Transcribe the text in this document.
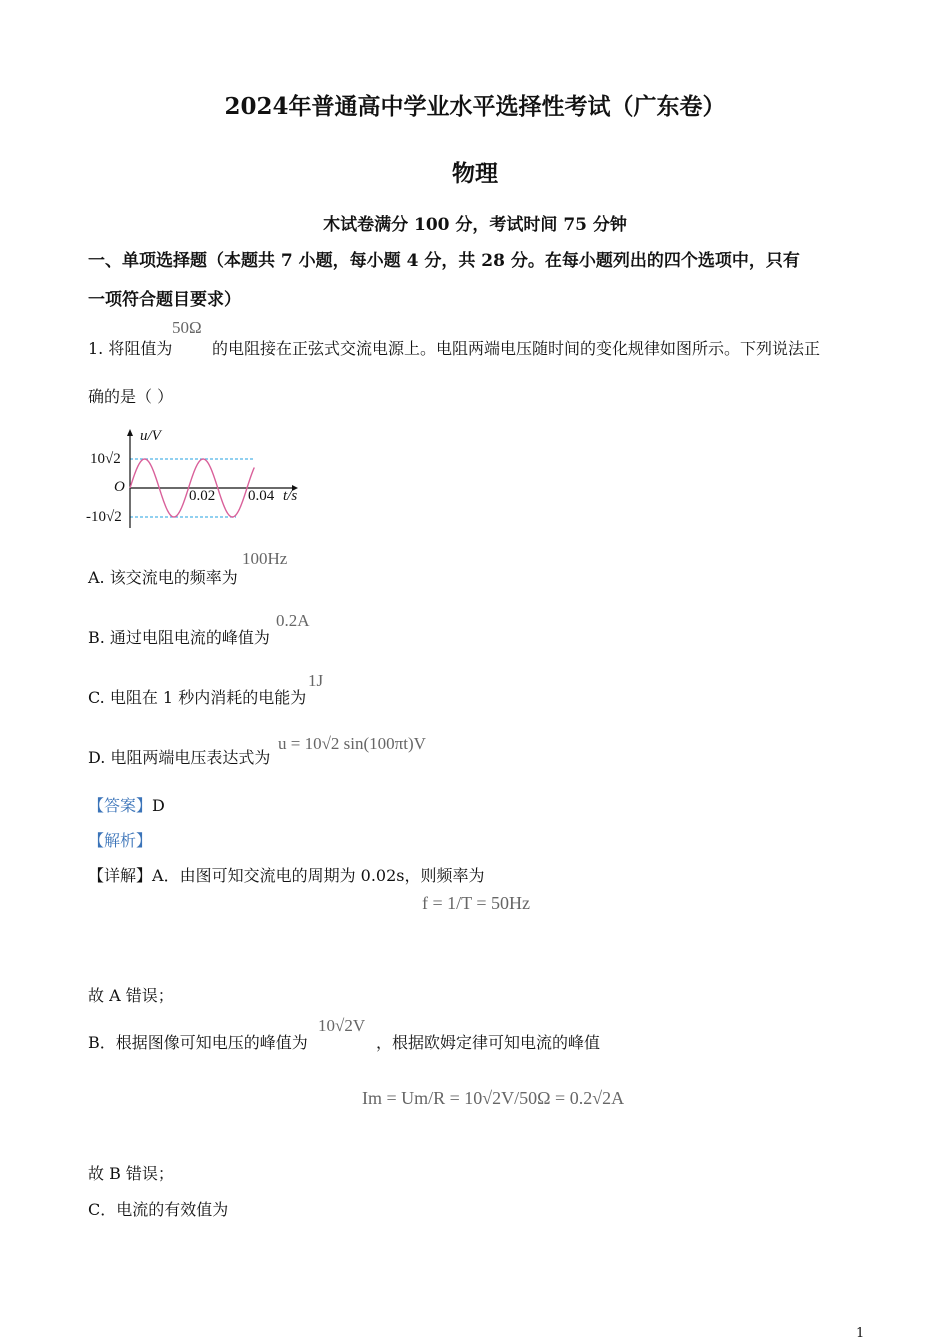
2024年普通高中学业水平选择性考试（广东卷）
物理
木试卷满分 100 分，考试时间 75 分钟
一、单项选择题（本题共 7 小题，每小题 4 分，共 28 分。在每小题列出的四个选项中，只有
一项符合题目要求）
1. 将阻值为
50Ω
的电阻接在正弦式交流电源上。电阻两端电压随时间的变化规律如图所示。下列说法正
确的是（ ）
u/V
10√2
O
-10√2
0.02 0.04 t/s
A. 该交流电的频率为
100Hz
B. 通过电阻电流的峰值为
0.2A
C. 电阻在 1 秒内消耗的电能为
1J
D. 电阻两端电压表达式为
u = 10√2 sin(100πt)V
【答案】D
【解析】
【详解】A．由图可知交流电的周期为 0.02s，则频率为
f = 1/T = 50Hz
故 A 错误；
B．根据图像可知电压的峰值为
10√2V
，根据欧姆定律可知电流的峰值
Im = Um/R = 10√2V/50Ω = 0.2√2A
故 B 错误；
C．电流的有效值为
1
